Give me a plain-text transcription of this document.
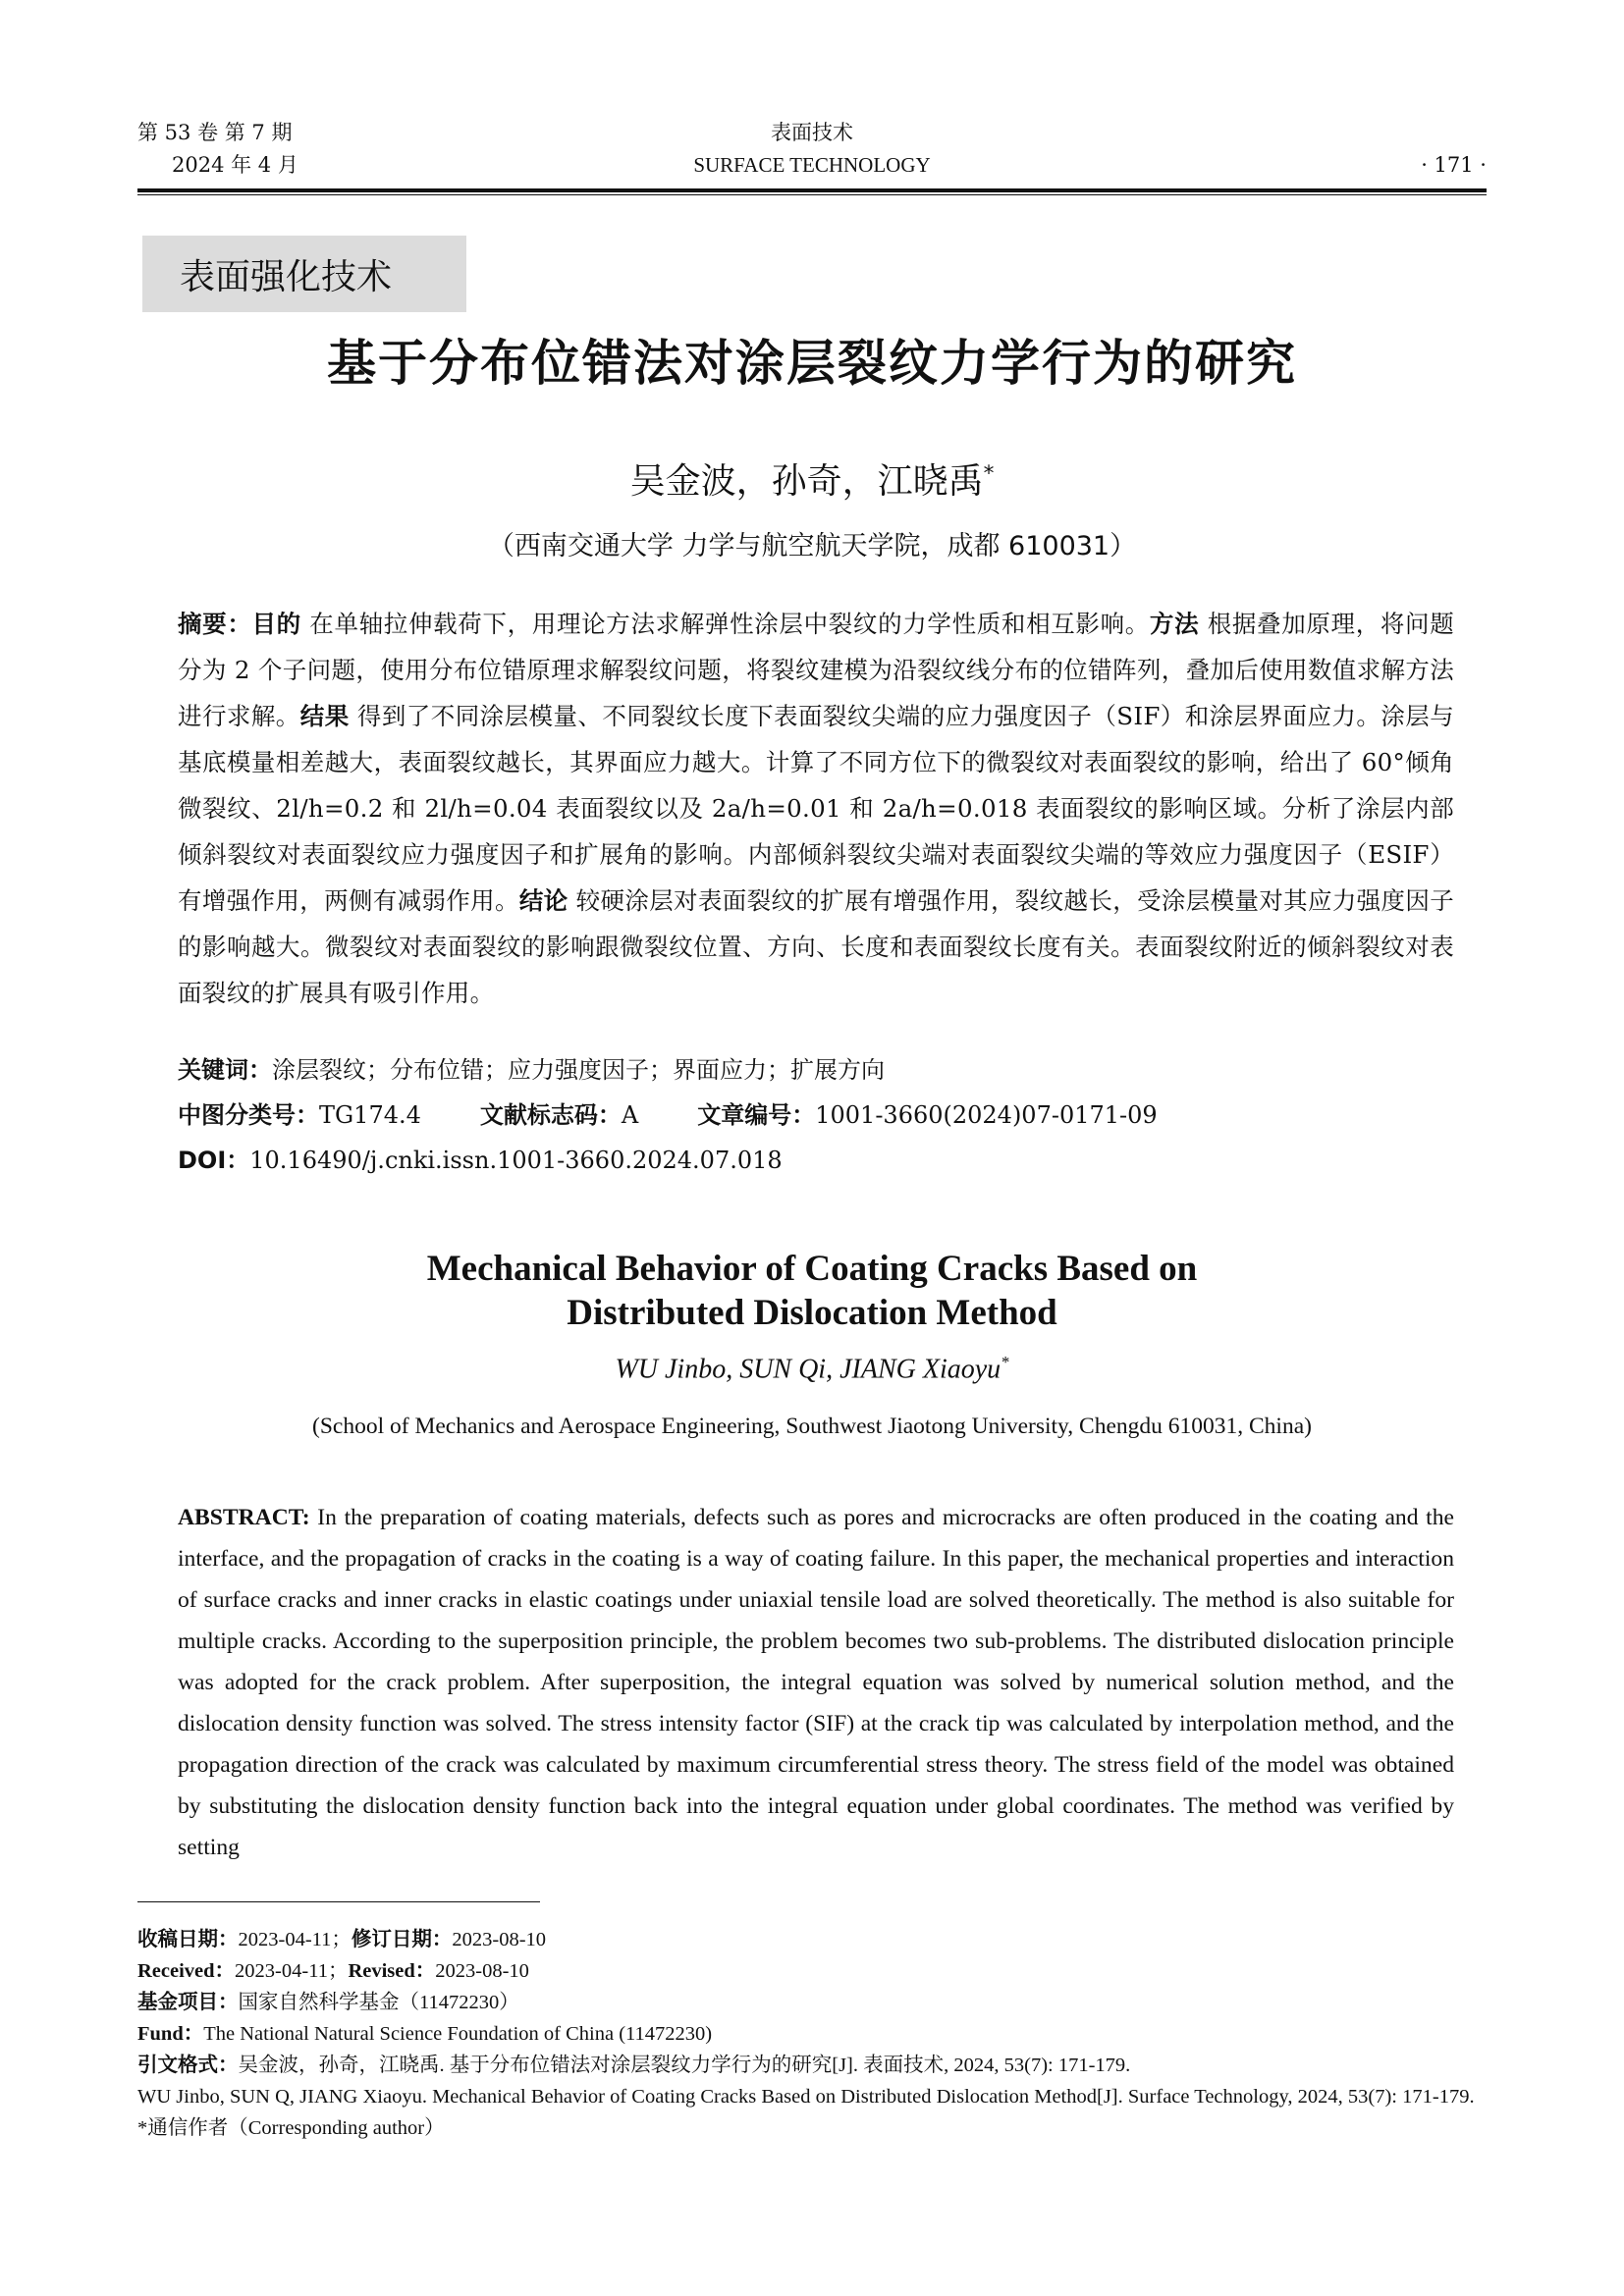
第 53 卷 第 7 期
2024 年 4 月
表面技术
SURFACE TECHNOLOGY	· 171 ·
表面强化技术
基于分布位错法对涂层裂纹力学行为的研究
吴金波，孙奇，江晓禹*
（西南交通大学 力学与航空航天学院，成都 610031）
摘要：目的 在单轴拉伸载荷下，用理论方法求解弹性涂层中裂纹的力学性质和相互影响。方法 根据叠加原理，将问题分为 2 个子问题，使用分布位错原理求解裂纹问题，将裂纹建模为沿裂纹线分布的位错阵列，叠加后使用数值求解方法进行求解。结果 得到了不同涂层模量、不同裂纹长度下表面裂纹尖端的应力强度因子（SIF）和涂层界面应力。涂层与基底模量相差越大，表面裂纹越长，其界面应力越大。计算了不同方位下的微裂纹对表面裂纹的影响，给出了 60°倾角微裂纹、2l/h=0.2 和 2l/h=0.04 表面裂纹以及 2a/h=0.01 和 2a/h=0.018 表面裂纹的影响区域。分析了涂层内部倾斜裂纹对表面裂纹应力强度因子和扩展角的影响。内部倾斜裂纹尖端对表面裂纹尖端的等效应力强度因子（ESIF）有增强作用，两侧有减弱作用。结论 较硬涂层对表面裂纹的扩展有增强作用，裂纹越长，受涂层模量对其应力强度因子的影响越大。微裂纹对表面裂纹的影响跟微裂纹位置、方向、长度和表面裂纹长度有关。表面裂纹附近的倾斜裂纹对表面裂纹的扩展具有吸引作用。
关键词：涂层裂纹；分布位错；应力强度因子；界面应力；扩展方向
中图分类号：TG174.4	文献标志码：A	文章编号：1001-3660(2024)07-0171-09
DOI：10.16490/j.cnki.issn.1001-3660.2024.07.018
Mechanical Behavior of Coating Cracks Based on
Distributed Dislocation Method
WU Jinbo, SUN Qi, JIANG Xiaoyu*
(School of Mechanics and Aerospace Engineering, Southwest Jiaotong University, Chengdu 610031, China)
ABSTRACT: In the preparation of coating materials, defects such as pores and microcracks are often produced in the coating and the interface, and the propagation of cracks in the coating is a way of coating failure. In this paper, the mechanical properties and interaction of surface cracks and inner cracks in elastic coatings under uniaxial tensile load are solved theoretically. The method is also suitable for multiple cracks. According to the superposition principle, the problem becomes two sub-problems. The distributed dislocation principle was adopted for the crack problem. After superposition, the integral equation was solved by numerical solution method, and the dislocation density function was solved. The stress intensity factor (SIF) at the crack tip was calculated by interpolation method, and the propagation direction of the crack was calculated by maximum circumferential stress theory. The stress field of the model was obtained by substituting the dislocation density function back into the integral equation under global coordinates. The method was verified by setting
收稿日期：2023-04-11；修订日期：2023-08-10
Received：2023-04-11；Revised：2023-08-10
基金项目：国家自然科学基金（11472230）
Fund：The National Natural Science Foundation of China (11472230)
引文格式：吴金波，孙奇，江晓禹. 基于分布位错法对涂层裂纹力学行为的研究[J]. 表面技术, 2024, 53(7): 171-179.
WU Jinbo, SUN Q, JIANG Xiaoyu. Mechanical Behavior of Coating Cracks Based on Distributed Dislocation Method[J]. Surface Technology, 2024, 53(7): 171-179.
*通信作者（Corresponding author）
